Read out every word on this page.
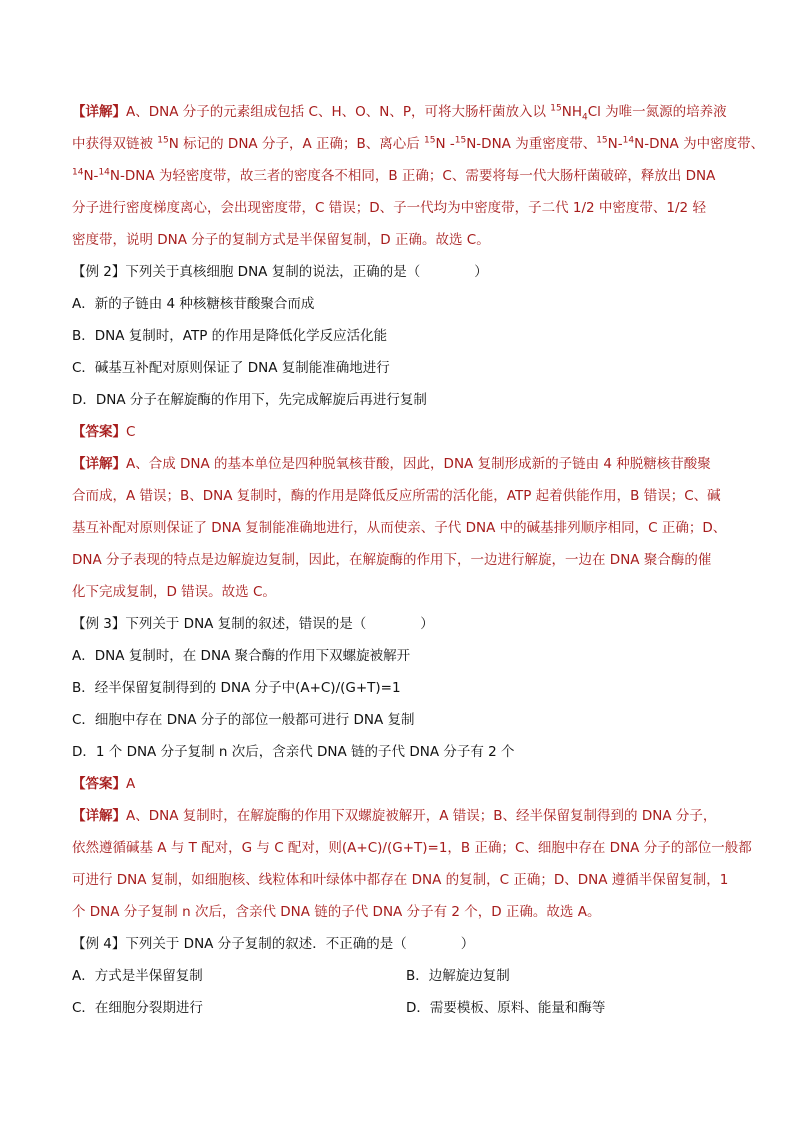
【详解】A、DNA 分子的元素组成包括 C、H、O、N、P，可将大肠杆菌放入以 $^{15}NH_4Cl$ 为唯一氮源的培养液
中获得双链被 $^{15}$N 标记的 DNA 分子，A 正确；B、离心后 $^{15}$N -$^{15}$N-DNA 为重密度带、$^{15}$N-$^{14}$N-DNA 为中密度带、
$^{14}$N-$^{14}$N-DNA 为轻密度带，故三者的密度各不相同，B 正确；C、需要将每一代大肠杆菌破碎，释放出 DNA
分子进行密度梯度离心，会出现密度带，C 错误；D、子一代均为中密度带，子二代 1/2 中密度带、1/2 轻
密度带，说明 DNA 分子的复制方式是半保留复制，D 正确。故选 C。
【例 2】下列关于真核细胞 DNA 复制的说法，正确的是（　　　　）
A．新的子链由 4 种核糖核苷酸聚合而成
B．DNA 复制时，ATP 的作用是降低化学反应活化能
C．碱基互补配对原则保证了 DNA 复制能准确地进行
D．DNA 分子在解旋酶的作用下，先完成解旋后再进行复制
【答案】C
【详解】A、合成 DNA 的基本单位是四种脱氧核苷酸，因此，DNA 复制形成新的子链由 4 种脱糖核苷酸聚
合而成，A 错误；B、DNA 复制时，酶的作用是降低反应所需的活化能，ATP 起着供能作用，B 错误；C、碱
基互补配对原则保证了 DNA 复制能准确地进行，从而使亲、子代 DNA 中的碱基排列顺序相同，C 正确；D、
DNA 分子表现的特点是边解旋边复制，因此，在解旋酶的作用下，一边进行解旋，一边在 DNA 聚合酶的催
化下完成复制，D 错误。故选 C。
【例 3】下列关于 DNA 复制的叙述，错误的是（　　　　）
A．DNA 复制时，在 DNA 聚合酶的作用下双螺旋被解开
B．经半保留复制得到的 DNA 分子中(A+C)/(G+T)=1
C．细胞中存在 DNA 分子的部位一般都可进行 DNA 复制
D．1 个 DNA 分子复制 n 次后，含亲代 DNA 链的子代 DNA 分子有 2 个
【答案】A
【详解】A、DNA 复制时，在解旋酶的作用下双螺旋被解开，A 错误；B、经半保留复制得到的 DNA 分子，
依然遵循碱基 A 与 T 配对，G 与 C 配对，则(A+C)/(G+T)=1，B 正确；C、细胞中存在 DNA 分子的部位一般都
可进行 DNA 复制，如细胞核、线粒体和叶绿体中都存在 DNA 的复制，C 正确；D、DNA 遵循半保留复制，1
个 DNA 分子复制 n 次后，含亲代 DNA 链的子代 DNA 分子有 2 个，D 正确。故选 A。
【例 4】下列关于 DNA 分子复制的叙述．不正确的是（　　　　）
A．方式是半保留复制	B．边解旋边复制
C．在细胞分裂期进行	D．需要模板、原料、能量和酶等
